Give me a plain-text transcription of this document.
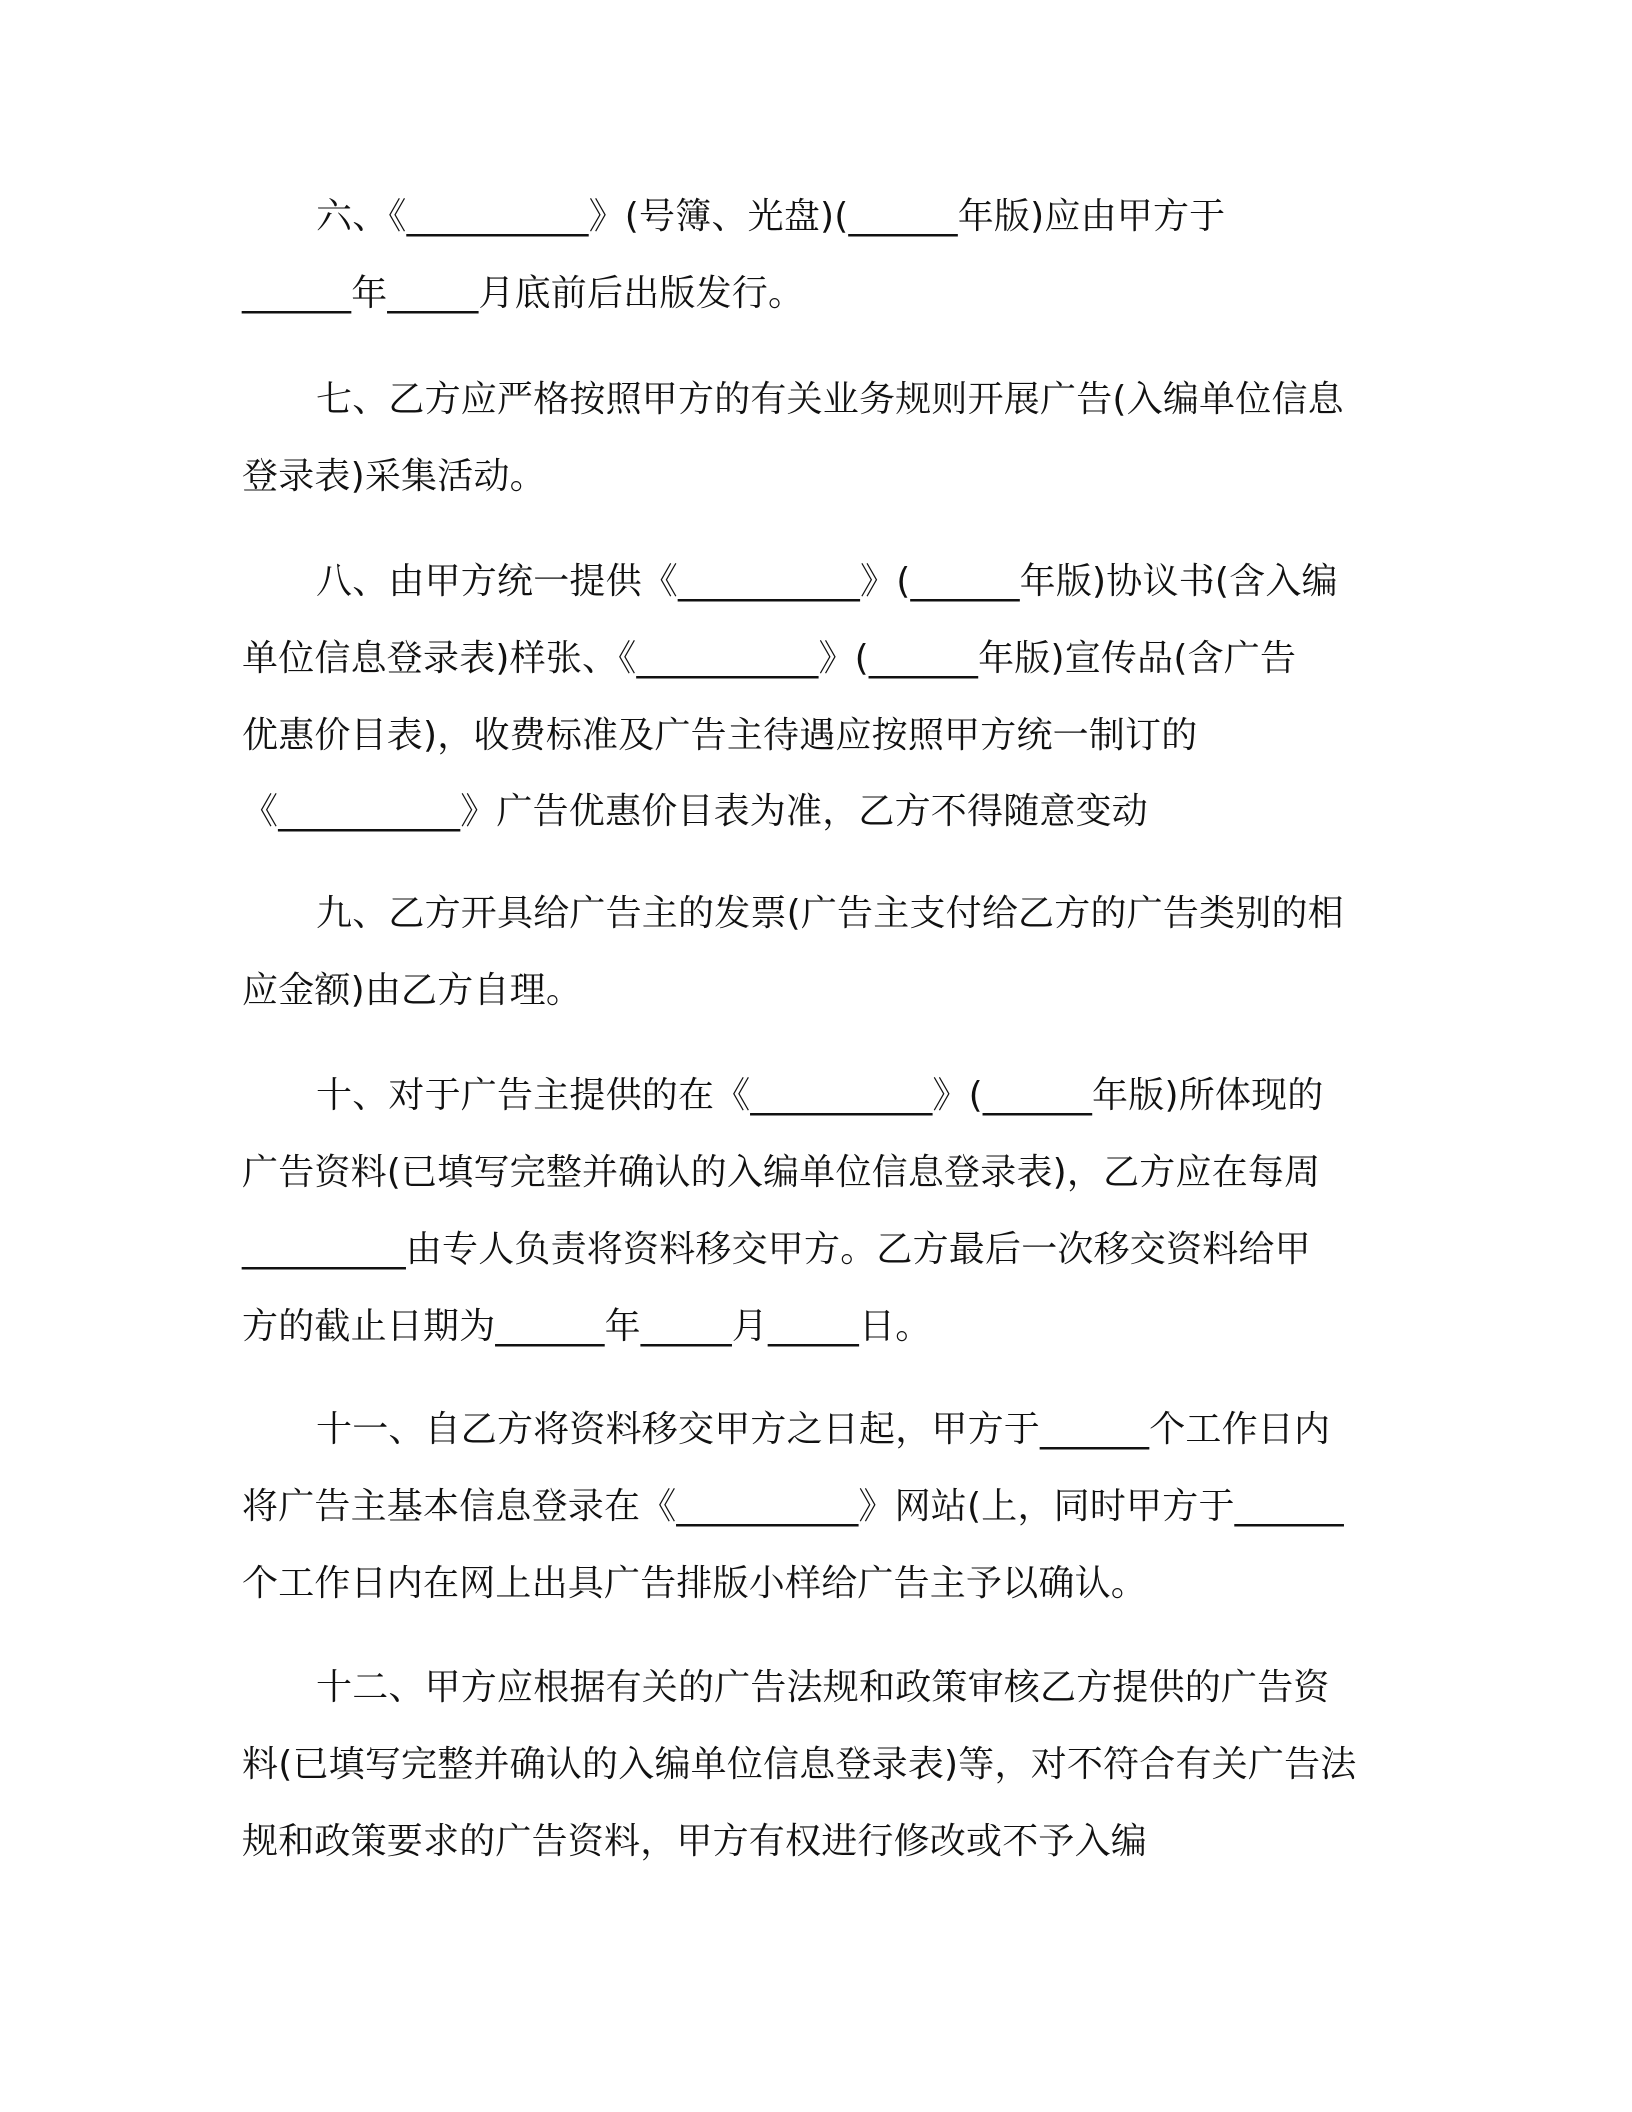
六、《__________》(号簿、光盘)(______年版)应由甲方于
______年_____月底前后出版发行。
七、乙方应严格按照甲方的有关业务规则开展广告(入编单位信息
登录表)采集活动。
八、由甲方统一提供《__________》(______年版)协议书(含入编
单位信息登录表)样张、《__________》(______年版)宣传品(含广告
优惠价目表)，收费标准及广告主待遇应按照甲方统一制订的
《__________》广告优惠价目表为准，乙方不得随意变动
九、乙方开具给广告主的发票(广告主支付给乙方的广告类别的相
应金额)由乙方自理。
十、对于广告主提供的在《__________》(______年版)所体现的
广告资料(已填写完整并确认的入编单位信息登录表)，乙方应在每周
_________由专人负责将资料移交甲方。乙方最后一次移交资料给甲
方的截止日期为______年_____月_____日。
十一、自乙方将资料移交甲方之日起，甲方于______个工作日内
将广告主基本信息登录在《__________》网站(上，同时甲方于______
个工作日内在网上出具广告排版小样给广告主予以确认。
十二、甲方应根据有关的广告法规和政策审核乙方提供的广告资
料(已填写完整并确认的入编单位信息登录表)等，对不符合有关广告法
规和政策要求的广告资料，甲方有权进行修改或不予入编
